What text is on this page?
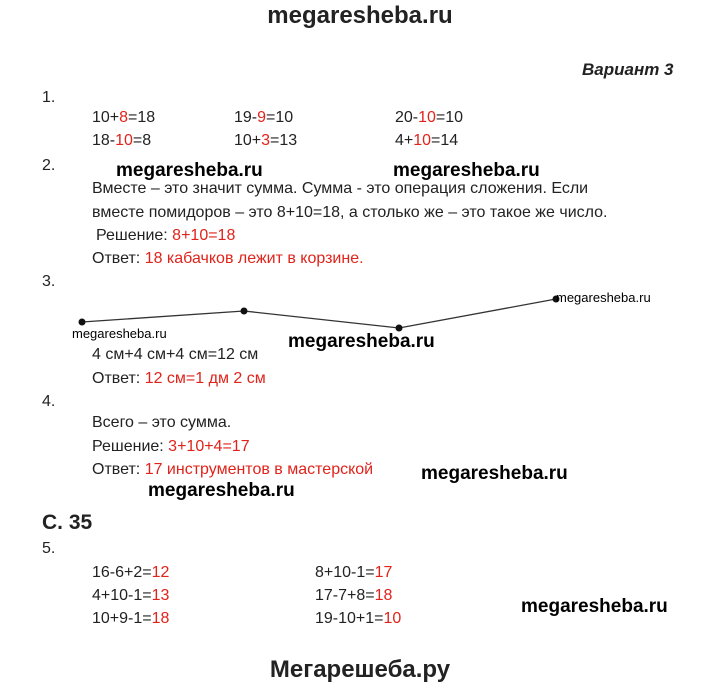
megaresheba.ru
Вариант 3
1.
10+8=18	19-9=10	20-10=10
18-10=8	10+3=13	4+10=14
2.	megaresheba.ru	megaresheba.ru
Вместе – это значит сумма. Сумма - это операция сложения. Если
вместе помидоров – это 8+10=18, а столько же – это такое же число.
Решение: 8+10=18
Ответ: 18 кабачков лежит в корзине.
3.
megaresheba.ru
megaresheba.ru	megaresheba.ru
4 см+4 см+4 см=12 см
Ответ: 12 см=1 дм 2 см
4.
Всего – это сумма.
Решение: 3+10+4=17
Ответ: 17 инструментов в мастерской	megaresheba.ru
megaresheba.ru
С. 35
5.
16-6+2=12	8+10-1=17
4+10-1=13	17-7+8=18
10+9-1=18	19-10+1=10
megaresheba.ru
Мегарешеба.ру
